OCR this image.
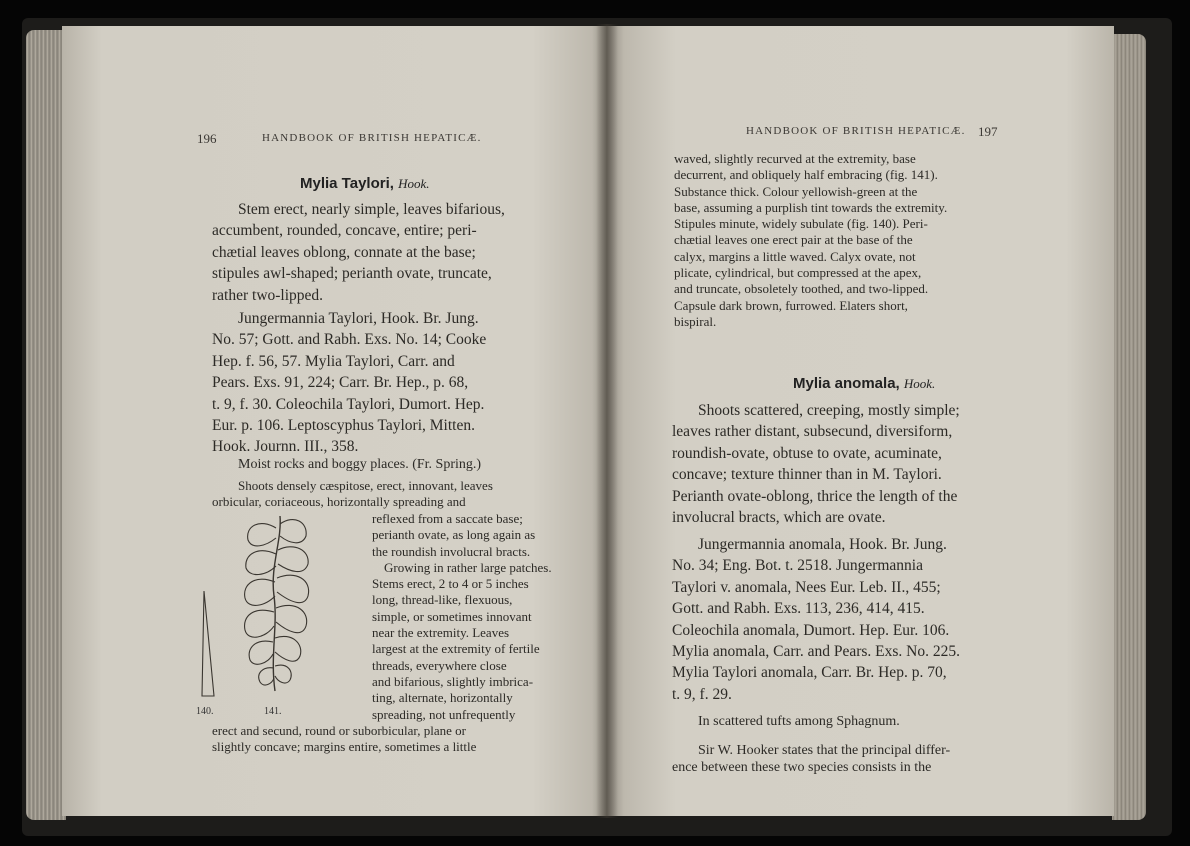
196	HANDBOOK OF BRITISH HEPATICÆ.
Mylia Taylori, Hook.
Stem erect, nearly simple, leaves bifarious,
accumbent, rounded, concave, entire; peri-
chætial leaves oblong, connate at the base;
stipules awl-shaped; perianth ovate, truncate,
rather two-lipped.
Jungermannia Taylori, Hook. Br. Jung.
No. 57; Gott. and Rabh. Exs. No. 14; Cooke
Hep. f. 56, 57. Mylia Taylori, Carr. and
Pears. Exs. 91, 224; Carr. Br. Hep., p. 68,
t. 9, f. 30. Coleochila Taylori, Dumort. Hep.
Eur. p. 106. Leptoscyphus Taylori, Mitten.
Hook. Journn. III., 358.
Moist rocks and boggy places. (Fr. Spring.)
Shoots densely cæspitose, erect, innovant, leaves
orbicular, coriaceous, horizontally spreading and
reflexed from a saccate base;
perianth ovate, as long again as
the roundish involucral bracts.
Growing in rather large patches.
Stems erect, 2 to 4 or 5 inches
long, thread-like, flexuous,
simple, or sometimes innovant
near the extremity. Leaves
largest at the extremity of fertile
threads, everywhere close
and bifarious, slightly imbrica-
ting, alternate, horizontally
spreading, not unfrequently
erect and secund, round or suborbicular, plane or
slightly concave; margins entire, sometimes a little
140.	141.
HANDBOOK OF BRITISH HEPATICÆ. 197
waved, slightly recurved at the extremity, base
decurrent, and obliquely half embracing (fig. 141).
Substance thick. Colour yellowish-green at the
base, assuming a purplish tint towards the extremity.
Stipules minute, widely subulate (fig. 140). Peri-
chætial leaves one erect pair at the base of the
calyx, margins a little waved. Calyx ovate, not
plicate, cylindrical, but compressed at the apex,
and truncate, obsoletely toothed, and two-lipped.
Capsule dark brown, furrowed. Elaters short,
bispiral.
Mylia anomala, Hook.
Shoots scattered, creeping, mostly simple;
leaves rather distant, subsecund, diversiform,
roundish-ovate, obtuse to ovate, acuminate,
concave; texture thinner than in M. Taylori.
Perianth ovate-oblong, thrice the length of the
involucral bracts, which are ovate.
Jungermannia anomala, Hook. Br. Jung.
No. 34; Eng. Bot. t. 2518. Jungermannia
Taylori v. anomala, Nees Eur. Leb. II., 455;
Gott. and Rabh. Exs. 113, 236, 414, 415.
Coleochila anomala, Dumort. Hep. Eur. 106.
Mylia anomala, Carr. and Pears. Exs. No. 225.
Mylia Taylori anomala, Carr. Br. Hep. p. 70,
t. 9, f. 29.
In scattered tufts among Sphagnum.
Sir W. Hooker states that the principal differ-
ence between these two species consists in the
